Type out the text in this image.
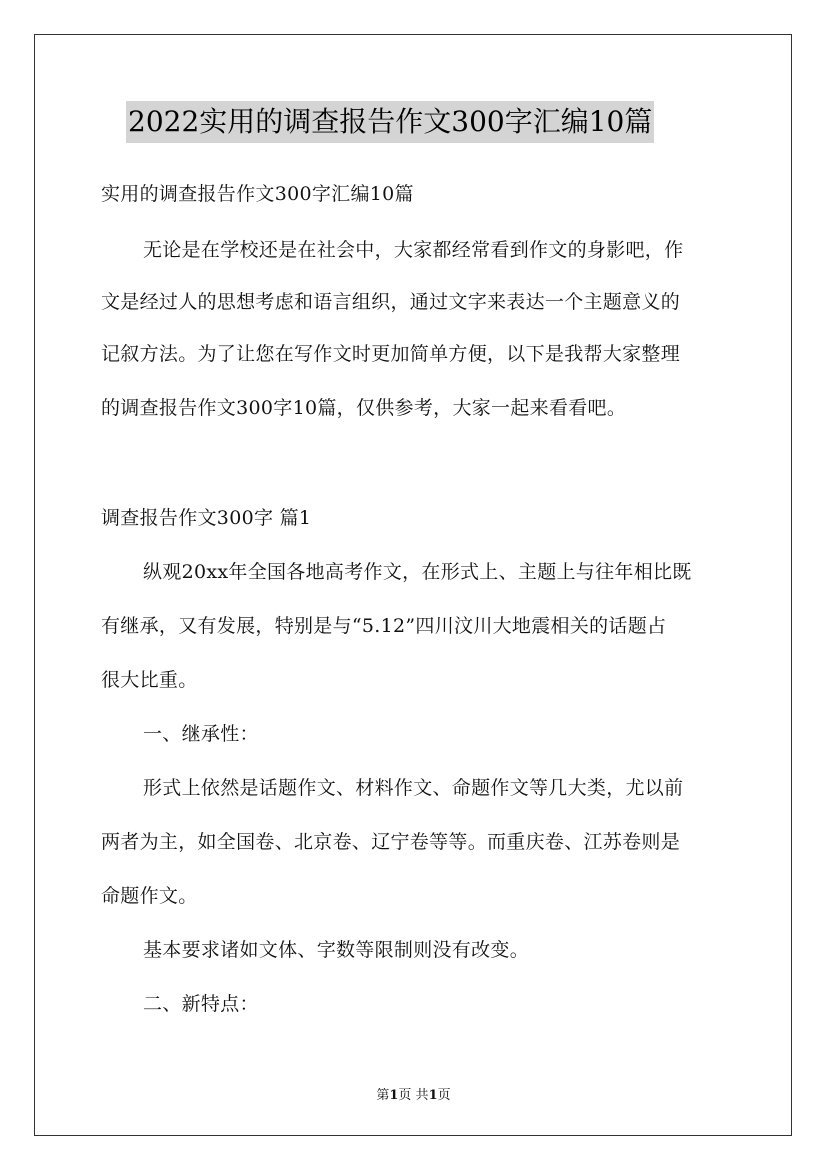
2022实用的调查报告作文300字汇编10篇
实用的调查报告作文300字汇编10篇
无论是在学校还是在社会中，大家都经常看到作文的身影吧，作
文是经过人的思想考虑和语言组织，通过文字来表达一个主题意义的
记叙方法。为了让您在写作文时更加简单方便，以下是我帮大家整理
的调查报告作文300字10篇，仅供参考，大家一起来看看吧。
调查报告作文300字 篇1
纵观20xx年全国各地高考作文，在形式上、主题上与往年相比既
有继承，又有发展，特别是与“5.12”四川汶川大地震相关的话题占
很大比重。
一、继承性：
形式上依然是话题作文、材料作文、命题作文等几大类，尤以前
两者为主，如全国卷、北京卷、辽宁卷等等。而重庆卷、江苏卷则是
命题作文。
基本要求诸如文体、字数等限制则没有改变。
二、新特点：
第1页 共1页
